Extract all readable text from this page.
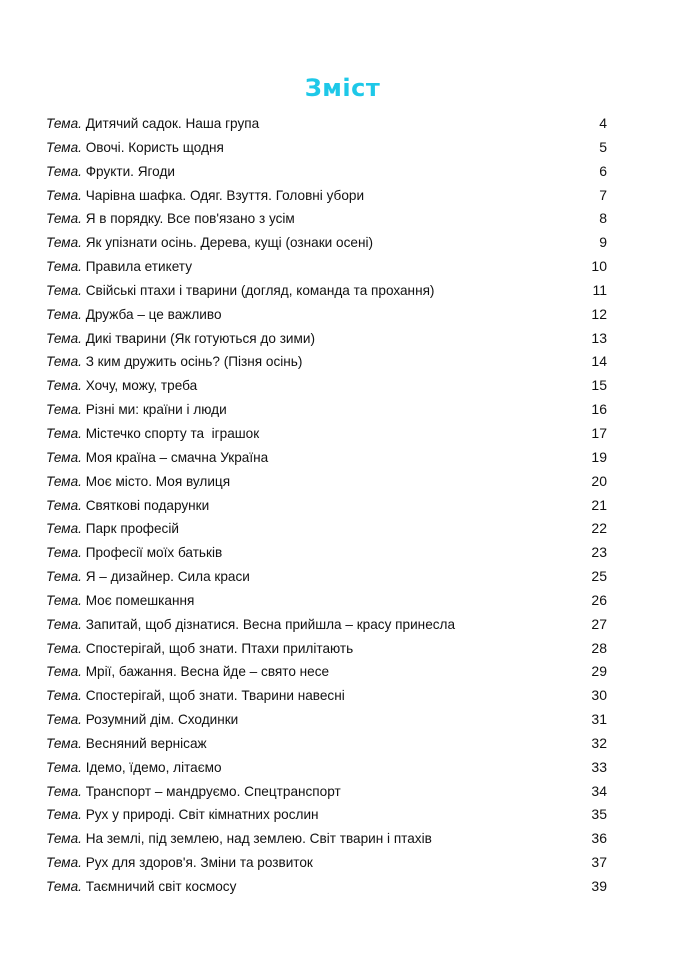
Зміст
Тема. Дитячий садок. Наша група	4
Тема. Овочі. Користь щодня	5
Тема. Фрукти. Ягоди	6
Тема. Чарівна шафка. Одяг. Взуття. Головні убори	7
Тема. Я в порядку. Все пов'язано з усім	8
Тема. Як упізнати осінь. Дерева, кущі (ознаки осені)	9
Тема. Правила етикету	10
Тема. Свійські птахи і тварини (догляд, команда та прохання)	11
Тема. Дружба – це важливо	12
Тема. Дикі тварини (Як готуються до зими)	13
Тема. З ким дружить осінь? (Пізня осінь)	14
Тема. Хочу, можу, треба	15
Тема. Різні ми: країни і люди	16
Тема. Містечко спорту та  іграшок	17
Тема. Моя країна – смачна Україна	19
Тема. Моє місто. Моя вулиця	20
Тема. Святкові подарунки	21
Тема. Парк професій	22
Тема. Професії моїх батьків	23
Тема. Я – дизайнер. Сила краси	25
Тема. Моє помешкання	26
Тема. Запитай, щоб дізнатися. Весна прийшла – красу принесла	27
Тема. Спостерігай, щоб знати. Птахи прилітають	28
Тема. Мрії, бажання. Весна йде – свято несе	29
Тема. Спостерігай, щоб знати. Тварини навесні	30
Тема. Розумний дім. Сходинки	31
Тема. Весняний вернісаж	32
Тема. Ідемо, їдемо, літаємо	33
Тема. Транспорт – мандруємо. Спецтранспорт	34
Тема. Рух у природі. Світ кімнатних рослин	35
Тема. На землі, під землею, над землею. Світ тварин і птахів	36
Тема. Рух для здоров'я. Зміни та розвиток	37
Тема. Таємничий світ космосу	39
